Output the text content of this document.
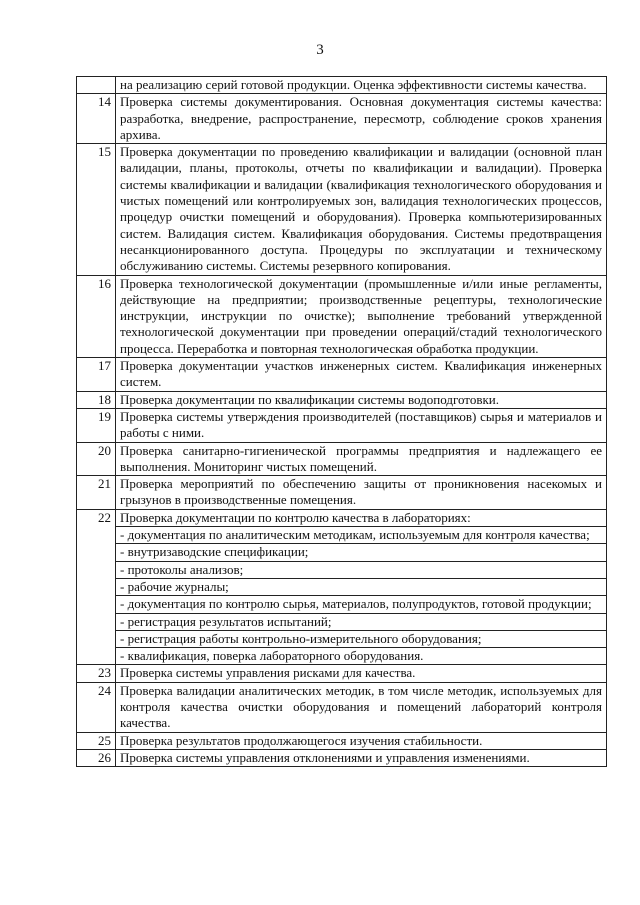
3
	на реализацию серий готовой продукции. Оценка эффективности системы качества.
14	Проверка системы документирования. Основная документация системы качества: разработка, внедрение, распространение, пересмотр, соблюдение сроков хранения архива.
15	Проверка документации по проведению квалификации и валидации (основной план валидации, планы, протоколы, отчеты по квалификации и валидации). Проверка системы квалификации и валидации (квалификация технологического оборудования и чистых помещений или контролируемых зон, валидация технологических процессов, процедур очистки помещений и оборудования). Проверка компьютеризированных систем. Валидация систем. Квалификация оборудования. Системы предотвращения несанкционированного доступа. Процедуры по эксплуатации и техническому обслуживанию системы. Системы резервного копирования.
16	Проверка технологической документации (промышленные и/или иные регламенты, действующие на предприятии; производственные рецептуры, технологические инструкции, инструкции по очистке); выполнение требований утвержденной технологической документации при проведении операций/стадий технологического процесса. Переработка и повторная технологическая обработка продукции.
17	Проверка документации участков инженерных систем. Квалификация инженерных систем.
18	Проверка документации по квалификации системы водоподготовки.
19	Проверка системы утверждения производителей (поставщиков) сырья и материалов и работы с ними.
20	Проверка санитарно-гигиенической программы предприятия и надлежащего ее выполнения. Мониторинг чистых помещений.
21	Проверка мероприятий по обеспечению защиты от проникновения насекомых и грызунов в производственные помещения.
22	Проверка документации по контролю качества в лабораториях:
	- документация по аналитическим методикам, используемым для контроля качества;
	- внутризаводские спецификации;
	- протоколы анализов;
	- рабочие журналы;
	- документация по контролю сырья, материалов, полупродуктов, готовой продукции;
	- регистрация результатов испытаний;
	- регистрация работы контрольно-измерительного оборудования;
	- квалификация, поверка лабораторного оборудования.
23	Проверка системы управления рисками для качества.
24	Проверка валидации аналитических методик, в том числе методик, используемых для контроля качества очистки оборудования и помещений лабораторий контроля качества.
25	Проверка результатов продолжающегося изучения стабильности.
26	Проверка системы управления отклонениями и управления изменениями.
